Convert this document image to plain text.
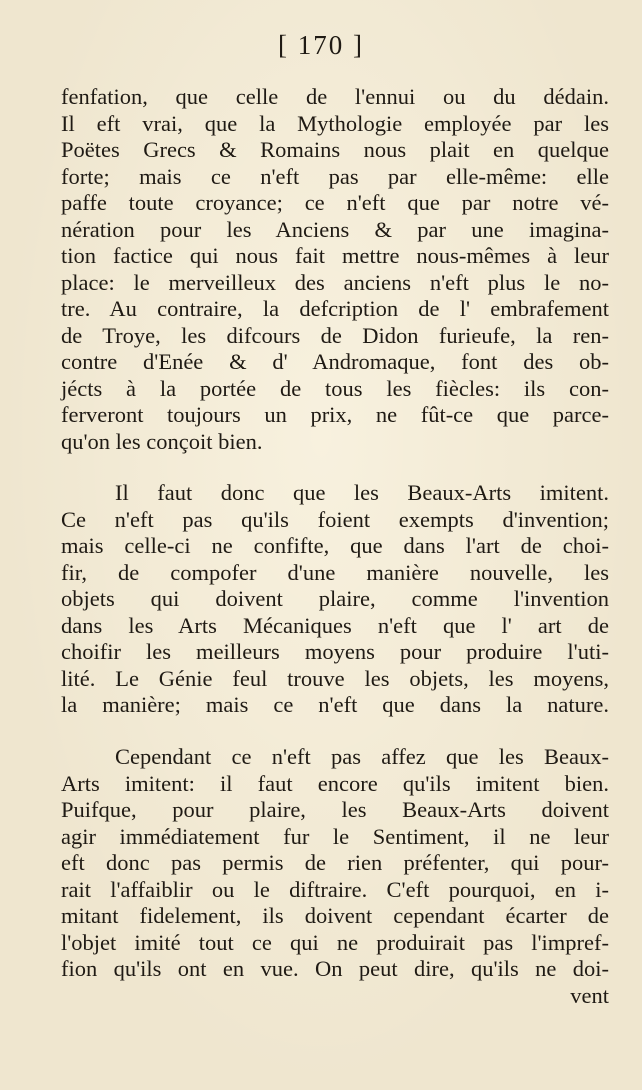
[ 170 ]
fenfation, que celle de l'ennui ou du dédain.
Il eft vrai, que la Mythologie employée par les
Poëtes Grecs & Romains nous plait en quelque
forte; mais ce n'eft pas par elle-même: elle
paffe toute croyance; ce n'eft que par notre vé-
nération pour les Anciens & par une imagina-
tion factice qui nous fait mettre nous-mêmes à leur
place: le merveilleux des anciens n'eft plus le no-
tre. Au contraire, la defcription de l' embrafement
de Troye, les difcours de Didon furieufe, la ren-
contre d'Enée & d' Andromaque, font des ob-
jécts à la portée de tous les fiècles: ils con-
ferveront toujours un prix, ne fût-ce que parce-
qu'on les conçoit bien.
Il faut donc que les Beaux-Arts imitent.
Ce n'eft pas qu'ils foient exempts d'invention;
mais celle-ci ne confifte, que dans l'art de choi-
fir, de compofer d'une manière nouvelle, les
objets qui doivent plaire, comme l'invention
dans les Arts Mécaniques n'eft que l' art de
choifir les meilleurs moyens pour produire l'uti-
lité. Le Génie feul trouve les objets, les moyens,
la manière; mais ce n'eft que dans la nature.
Cependant ce n'eft pas affez que les Beaux-
Arts imitent: il faut encore qu'ils imitent bien.
Puifque, pour plaire, les Beaux-Arts doivent
agir immédiatement fur le Sentiment, il ne leur
eft donc pas permis de rien préfenter, qui pour-
rait l'affaiblir ou le diftraire. C'eft pourquoi, en i-
mitant fidelement, ils doivent cependant écarter de
l'objet imité tout ce qui ne produirait pas l'impref-
fion qu'ils ont en vue. On peut dire, qu'ils ne doi-
vent
